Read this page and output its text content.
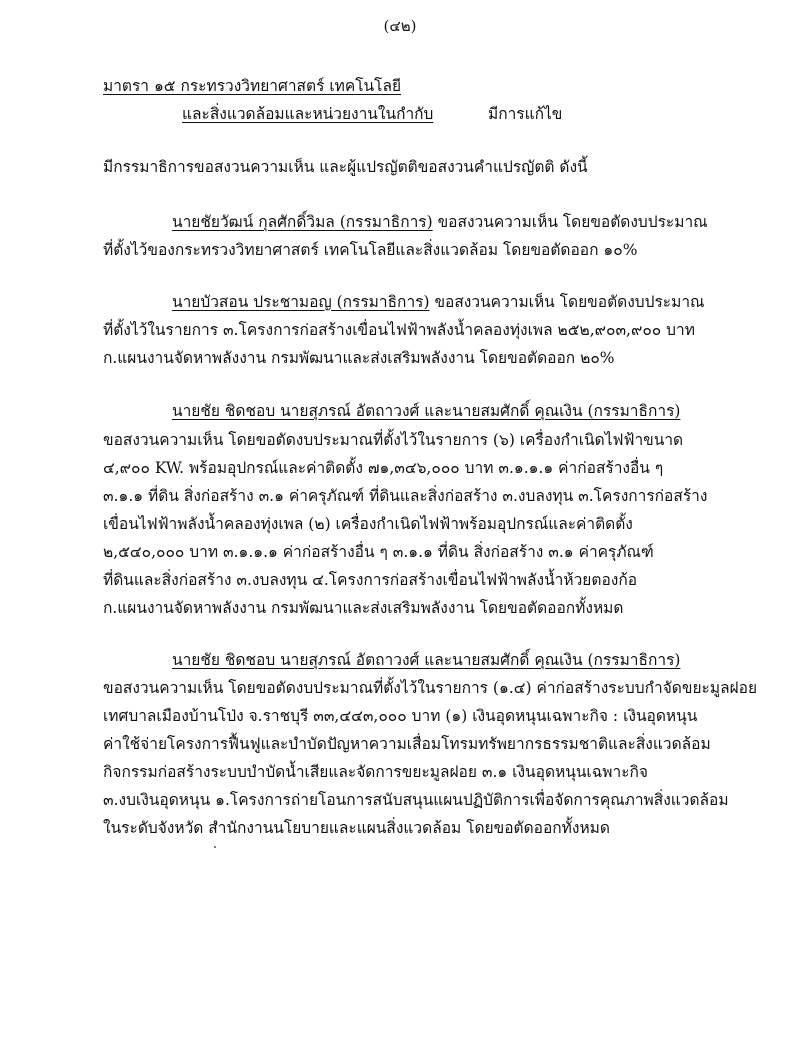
(๔๒)
มาตรา ๑๕ กระทรวงวิทยาศาสตร์ เทคโนโลยี
และสิ่งแวดล้อมและหน่วยงานในกำกับ	มีการแก้ไข
มีกรรมาธิการขอสงวนความเห็น และผู้แปรญัตติขอสงวนคำแปรญัตติ ดังนี้
นายชัยวัฒน์ กุลศักดิ์วิมล (กรรมาธิการ) ขอสงวนความเห็น โดยขอตัดงบประมาณ
ที่ตั้งไว้ของกระทรวงวิทยาศาสตร์ เทคโนโลยีและสิ่งแวดล้อม โดยขอตัดออก ๑๐%
นายบัวสอน ประชามอญ (กรรมาธิการ) ขอสงวนความเห็น โดยขอตัดงบประมาณ
ที่ตั้งไว้ในรายการ ๓.โครงการก่อสร้างเขื่อนไฟฟ้าพลังน้ำคลองทุ่งเพล ๒๕๒,๙๐๓,๙๐๐ บาท
ก.แผนงานจัดหาพลังงาน กรมพัฒนาและส่งเสริมพลังงาน โดยขอตัดออก ๒๐%
นายชัย ชิดชอบ นายสุภรณ์ อัตถาวงศ์ และนายสมศักดิ์ คุณเงิน (กรรมาธิการ)
ขอสงวนความเห็น โดยขอตัดงบประมาณที่ตั้งไว้ในรายการ (๖) เครื่องกำเนิดไฟฟ้าขนาด
๔,๙๐๐ KW. พร้อมอุปกรณ์และค่าติดตั้ง ๗๑,๓๔๖,๐๐๐ บาท ๓.๑.๑.๑ ค่าก่อสร้างอื่น ๆ
๓.๑.๑ ที่ดิน สิ่งก่อสร้าง ๓.๑ ค่าครุภัณฑ์ ที่ดินและสิ่งก่อสร้าง ๓.งบลงทุน ๓.โครงการก่อสร้าง
เขื่อนไฟฟ้าพลังน้ำคลองทุ่งเพล (๒) เครื่องกำเนิดไฟฟ้าพร้อมอุปกรณ์และค่าติดตั้ง
๒,๕๔๐,๐๐๐ บาท ๓.๑.๑.๑ ค่าก่อสร้างอื่น ๆ ๓.๑.๑ ที่ดิน สิ่งก่อสร้าง ๓.๑ ค่าครุภัณฑ์
ที่ดินและสิ่งก่อสร้าง ๓.งบลงทุน ๔.โครงการก่อสร้างเขื่อนไฟฟ้าพลังน้ำห้วยตองก้อ
ก.แผนงานจัดหาพลังงาน กรมพัฒนาและส่งเสริมพลังงาน โดยขอตัดออกทั้งหมด
นายชัย ชิดชอบ นายสุภรณ์ อัตถาวงศ์ และนายสมศักดิ์ คุณเงิน (กรรมาธิการ)
ขอสงวนความเห็น โดยขอตัดงบประมาณที่ตั้งไว้ในรายการ (๑.๔) ค่าก่อสร้างระบบกำจัดขยะมูลฝอย
เทศบาลเมืองบ้านโป่ง จ.ราชบุรี ๓๓,๔๔๓,๐๐๐ บาท (๑) เงินอุดหนุนเฉพาะกิจ : เงินอุดหนุน
ค่าใช้จ่ายโครงการฟื้นฟูและบำบัดปัญหาความเสื่อมโทรมทรัพยากรธรรมชาติและสิ่งแวดล้อม
กิจกรรมก่อสร้างระบบบำบัดน้ำเสียและจัดการขยะมูลฝอย ๓.๑ เงินอุดหนุนเฉพาะกิจ
๓.งบเงินอุดหนุน ๑.โครงการถ่ายโอนการสนับสนุนแผนปฏิบัติการเพื่อจัดการคุณภาพสิ่งแวดล้อม
ในระดับจังหวัด สำนักงานนโยบายและแผนสิ่งแวดล้อม โดยขอตัดออกทั้งหมด
